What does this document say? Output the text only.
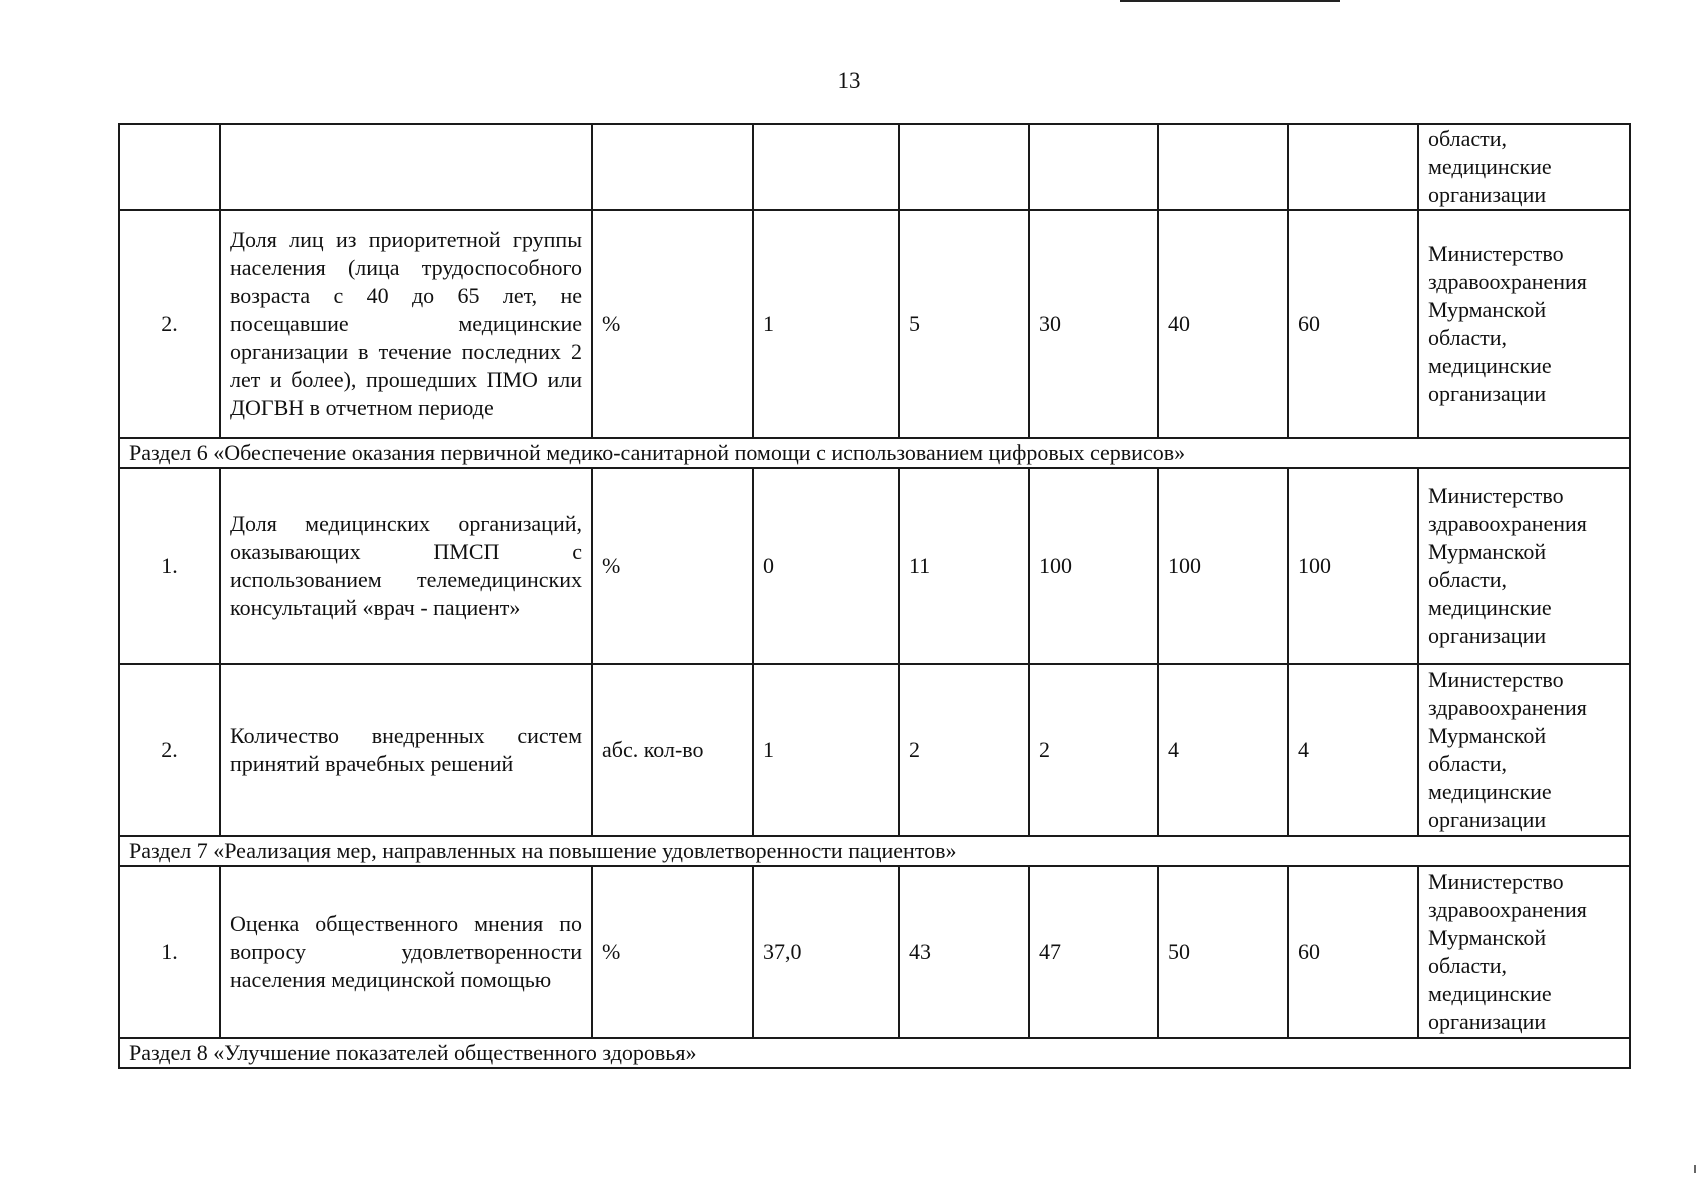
13
								области, медицинские организации
2.	Доля лиц из приоритетной группы населения (лица трудоспособного возраста с 40 до 65 лет, не посещавшие медицинские организации в течение последних 2 лет и более), прошедших ПМО или ДОГВН в отчетном периоде	%	1	5	30	40	60	Министерство здравоохранения Мурманской области, медицинские организации
Раздел 6 «Обеспечение оказания первичной медико-санитарной помощи с использованием цифровых сервисов»								
1.	Доля медицинских организаций, оказывающих ПМСП с использованием телемедицинских консультаций «врач - пациент»	%	0	11	100	100	100	Министерство здравоохранения Мурманской области, медицинские организации
2.	Количество внедренных систем принятий врачебных решений	абс. кол-во	1	2	2	4	4	Министерство здравоохранения Мурманской области, медицинские организации
Раздел 7 «Реализация мер, направленных на повышение удовлетворенности пациентов»								
1.	Оценка общественного мнения по вопросу удовлетворенности населения медицинской помощью	%	37,0	43	47	50	60	Министерство здравоохранения Мурманской области, медицинские организации
Раздел 8 «Улучшение показателей общественного здоровья»								
